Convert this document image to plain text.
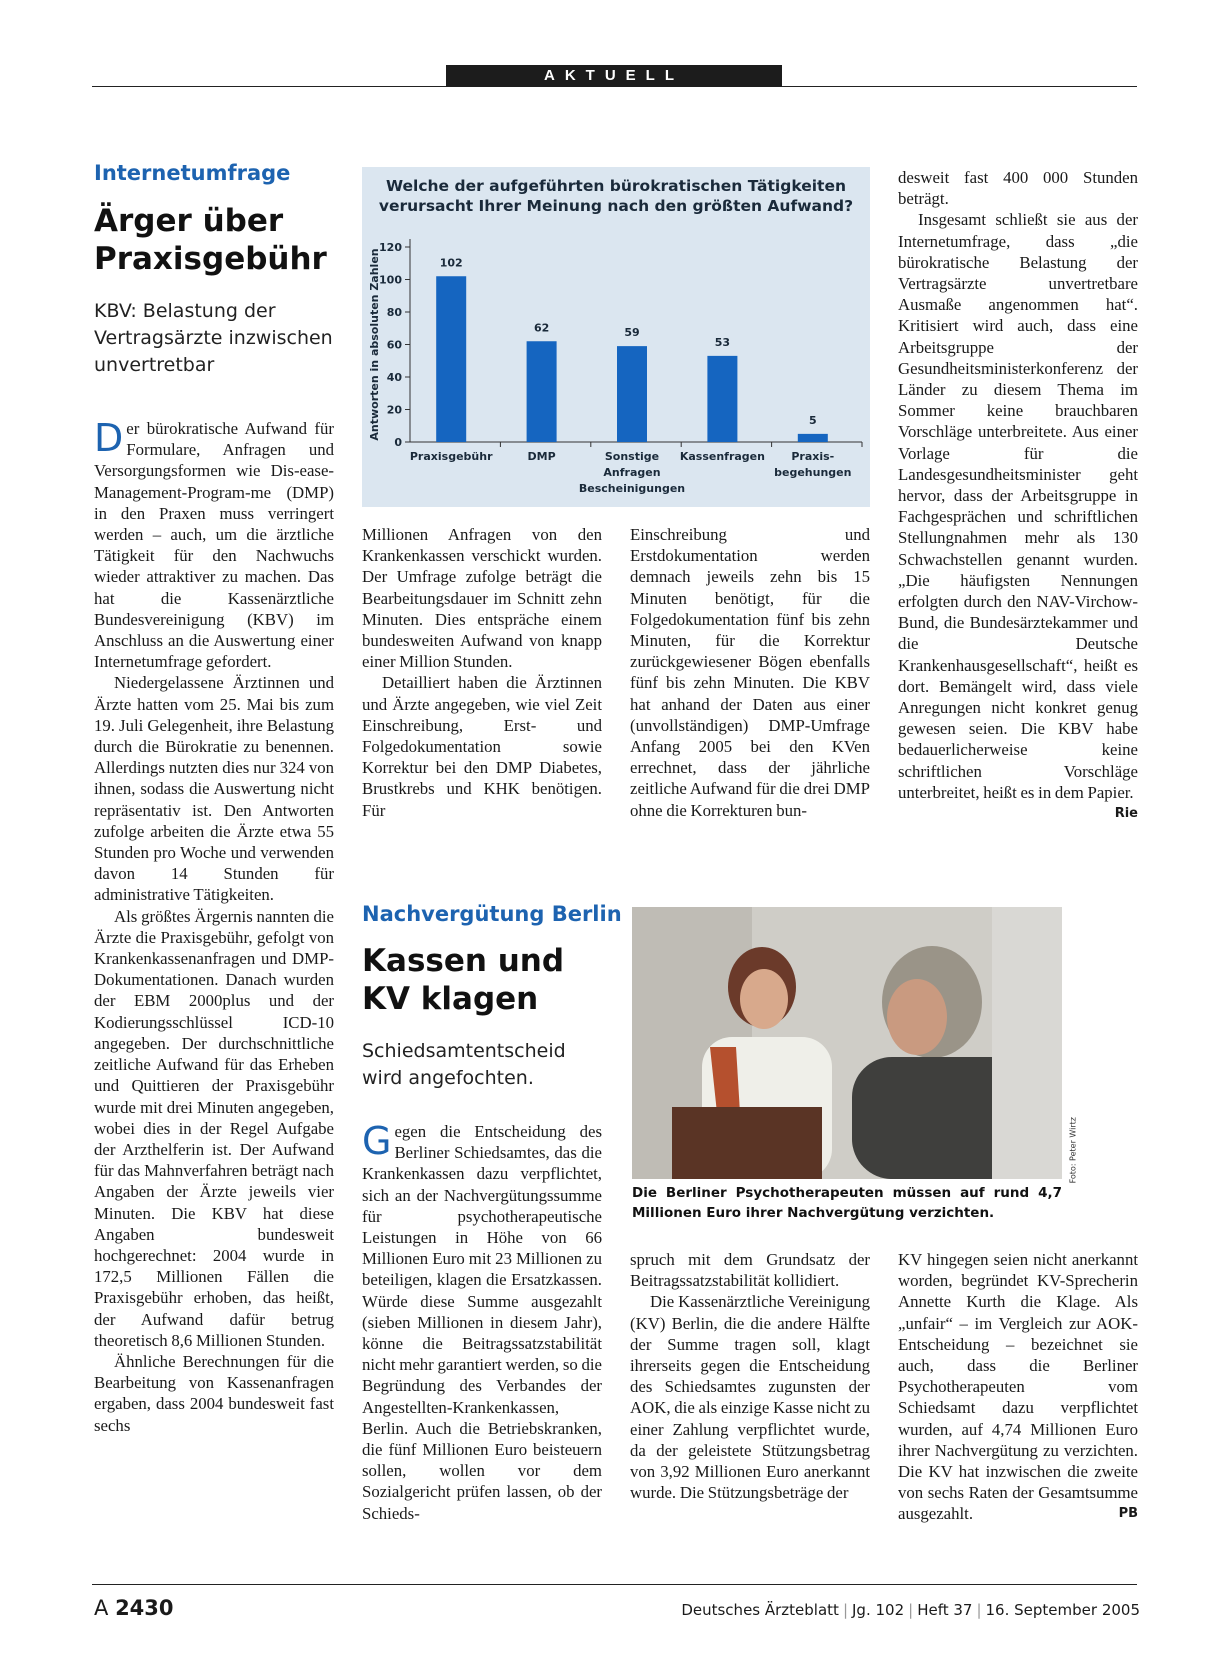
AKTUELL
Internetumfrage
Ärger über Praxisgebühr
KBV: Belastung der Vertragsärzte inzwischen unvertretbar

Der bürokratische Aufwand für Formulare, Anfragen und Versorgungsformen wie Dis-ease-Management-Program-me (DMP) in den Praxen muss verringert werden – auch, um die ärztliche Tätigkeit für den Nachwuchs wieder attraktiver zu machen. Das hat die Kassenärztliche Bundesvereinigung (KBV) im Anschluss an die Auswertung einer Internetumfrage gefordert.

Niedergelassene Ärztinnen und Ärzte hatten vom 25. Mai bis zum 19. Juli Gelegenheit, ihre Belastung durch die Bürokratie zu benennen. Allerdings nutzten dies nur 324 von ihnen, sodass die Auswertung nicht repräsentativ ist. Den Antworten zufolge arbeiten die Ärzte etwa 55 Stunden pro Woche und verwenden davon 14 Stunden für administrative Tätigkeiten.

Als größtes Ärgernis nannten die Ärzte die Praxisgebühr, gefolgt von Krankenkassenanfragen und DMP-Dokumentationen. Danach wurden der EBM 2000plus und der Kodierungsschlüssel ICD-10 angegeben. Der durchschnittliche zeitliche Aufwand für das Erheben und Quittieren der Praxisgebühr wurde mit drei Minuten angegeben, wobei dies in der Regel Aufgabe der Arzthelferin ist. Der Aufwand für das Mahnverfahren beträgt nach Angaben der Ärzte jeweils vier Minuten. Die KBV hat diese Angaben bundesweit hochgerechnet: 2004 wurde in 172,5 Millionen Fällen die Praxisgebühr erhoben, das heißt, der Aufwand dafür betrug theoretisch 8,6 Millionen Stunden.

Ähnliche Berechnungen für die Bearbeitung von Kassenanfragen ergaben, dass 2004 bundesweit fast sechs

Welche der aufgeführten bürokratischen Tätigkeiten
verursacht Ihrer Meinung nach den größten Aufwand?
Antworten in absoluten Zahlen
0
20
40
60
80
100
120
102
Praxisgebühr
62
DMP
59
Sonstige Anfragen Bescheinigungen
53
Kassenfragen
5
Praxis-begehungen

Millionen Anfragen von den Krankenkassen verschickt wurden. Der Umfrage zufolge beträgt die Bearbeitungsdauer im Schnitt zehn Minuten. Dies entspräche einem bundesweiten Aufwand von knapp einer Million Stunden.

Detailliert haben die Ärztinnen und Ärzte angegeben, wie viel Zeit Einschreibung, Erst- und Folgedokumentation sowie Korrektur bei den DMP Diabetes, Brustkrebs und KHK benötigen. Für

Einschreibung und Erstdokumentation werden demnach jeweils zehn bis 15 Minuten benötigt, für die Folgedokumentation fünf bis zehn Minuten, für die Korrektur zurückgewiesener Bögen ebenfalls fünf bis zehn Minuten. Die KBV hat anhand der Daten aus einer (unvollständigen) DMP-Umfrage Anfang 2005 bei den KVen errechnet, dass der jährliche zeitliche Aufwand für die drei DMP ohne die Korrekturen bun-

desweit fast 400 000 Stunden beträgt.

Insgesamt schließt sie aus der Internetumfrage, dass „die bürokratische Belastung der Vertragsärzte unvertretbare Ausmaße angenommen hat“. Kritisiert wird auch, dass eine Arbeitsgruppe der Gesundheitsministerkonferenz der Länder zu diesem Thema im Sommer keine brauchbaren Vorschläge unterbreitete. Aus einer Vorlage für die Landesgesundheitsminister geht hervor, dass der Arbeitsgruppe in Fachgesprächen und schriftlichen Stellungnahmen mehr als 130 Schwachstellen genannt wurden. „Die häufigsten Nennungen erfolgten durch den NAV-Virchow-Bund, die Bundesärztekammer und die Deutsche Krankenhausgesellschaft“, heißt es dort. Bemängelt wird, dass viele Anregungen nicht konkret genug gewesen seien. Die KBV habe bedauerlicherweise keine schriftlichen Vorschläge unterbreitet, heißt es in dem Papier.
Rie

Nachvergütung Berlin
Kassen und KV klagen
Schiedsamtentscheid wird angefochten.

Gegen die Entscheidung des Berliner Schiedsamtes, das die Krankenkassen dazu verpflichtet, sich an der Nachvergütungssumme für psychotherapeutische Leistungen in Höhe von 66 Millionen Euro mit 23 Millionen zu beteiligen, klagen die Ersatzkassen. Würde diese Summe ausgezahlt (sieben Millionen in diesem Jahr), könne die Beitragssatzstabilität nicht mehr garantiert werden, so die Begründung des Verbandes der Angestellten-Krankenkassen, Berlin. Auch die Betriebskranken, die fünf Millionen Euro beisteuern sollen, wollen vor dem Sozialgericht prüfen lassen, ob der Schieds-

Foto: Peter Wirtz
Die Berliner Psychotherapeuten müssen auf rund 4,7 Millionen Euro ihrer Nachvergütung verzichten.

spruch mit dem Grundsatz der Beitragssatzstabilität kollidiert.

Die Kassenärztliche Vereinigung (KV) Berlin, die die andere Hälfte der Summe tragen soll, klagt ihrerseits gegen die Entscheidung des Schiedsamtes zugunsten der AOK, die als einzige Kasse nicht zu einer Zahlung verpflichtet wurde, da der geleistete Stützungsbetrag von 3,92 Millionen Euro anerkannt wurde. Die Stützungsbeträge der

KV hingegen seien nicht anerkannt worden, begründet KV-Sprecherin Annette Kurth die Klage. Als „unfair“ – im Vergleich zur AOK-Entscheidung – bezeichnet sie auch, dass die Berliner Psychotherapeuten vom Schiedsamt dazu verpflichtet wurden, auf 4,74 Millionen Euro ihrer Nachvergütung zu verzichten. Die KV hat inzwischen die zweite von sechs Raten der Gesamtsumme ausgezahlt.	PB

A 2430	Deutsches Ärzteblatt | Jg. 102 | Heft 37 | 16. September 2005
